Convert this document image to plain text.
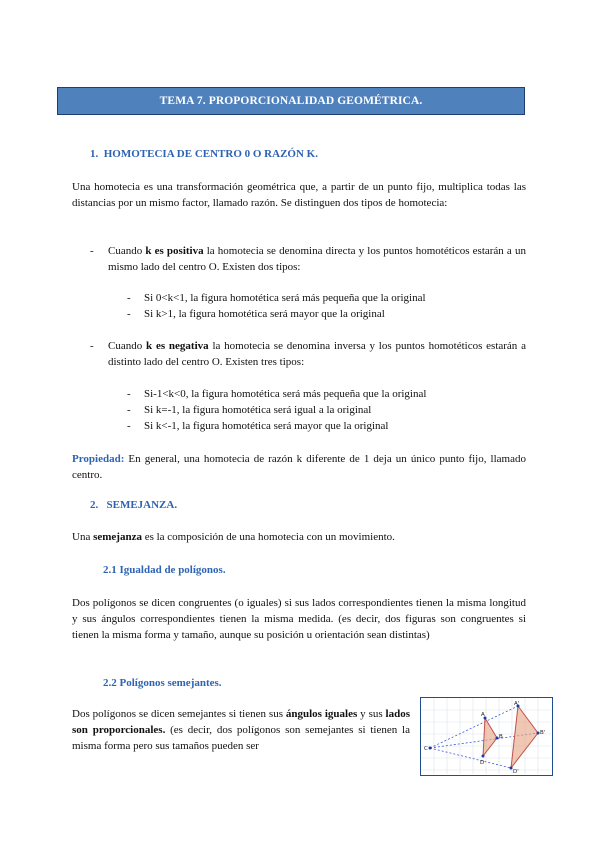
TEMA 7. PROPORCIONALIDAD GEOMÉTRICA.
1. HOMOTECIA DE CENTRO 0 O RAZÓN K.

Una homotecia es una transformación geométrica que, a partir de un punto fijo, multiplica todas las distancias por un mismo factor, llamado razón. Se distinguen dos tipos de homotecia:

- Cuando k es positiva la homotecia se denomina directa y los puntos homotéticos estarán a un mismo lado del centro O. Existen dos tipos:

- Si 0<k<1, la figura homotética será más pequeña que la original

- Si k>1, la figura homotética será mayor que la original

- Cuando k es negativa la homotecia se denomina inversa y los puntos homotéticos estarán a distinto lado del centro O. Existen tres tipos:

- Si-1<k<0, la figura homotética será más pequeña que la original

- Si k=-1, la figura homotética será igual a la original

- Si k<-1, la figura homotética será mayor que la original

Propiedad: En general, una homotecia de razón k diferente de 1 deja un único punto fijo, llamado centro.

2. SEMEJANZA.

Una semejanza es la composición de una homotecia con un movimiento.

2.1 Igualdad de polígonos.

Dos polígonos se dicen congruentes (o iguales) si sus lados correspondientes tienen la misma longitud y sus ángulos correspondientes tienen la misma medida. (es decir, dos figuras son congruentes si tienen la misma forma y tamaño, aunque su posición u orientación sean distintas)

2.2 Polígonos semejantes.

Dos polígonos se dicen semejantes si tienen sus ángulos iguales y sus lados son proporcionales. (es decir, dos polígonos son semejantes si tienen la misma forma pero sus tamaños pueden ser	C
A
A'
B
B'
D
D'
